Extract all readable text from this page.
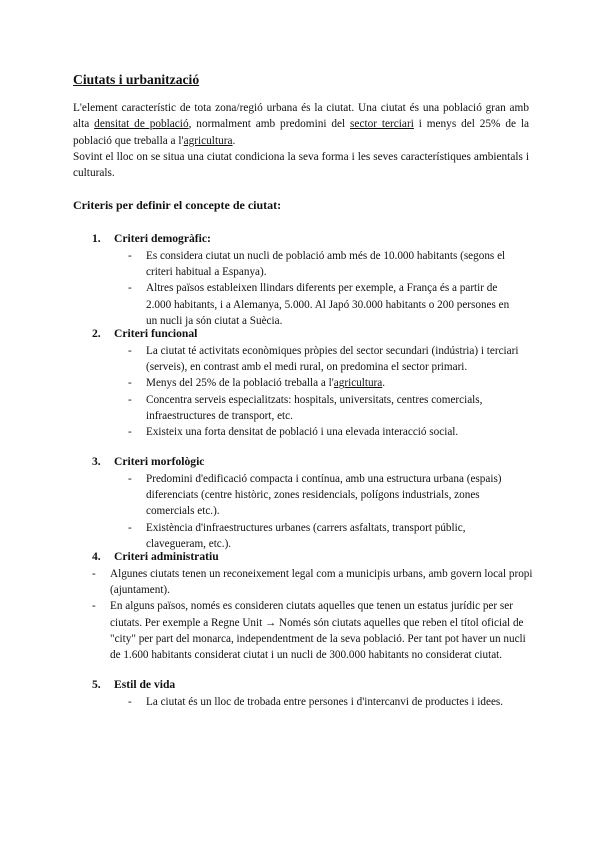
Ciutats i urbanització

L'element característic de tota zona/regió urbana és la ciutat. Una ciutat és una població gran amb alta densitat de població, normalment amb predomini del sector terciari i menys del 25% de la població que treballa a l'agricultura.

Sovint el lloc on se situa una ciutat condiciona la seva forma i les seves característiques ambientals i culturals.

Criteris per definir el concepte de ciutat:
1. Criteri demogràfic:
- Es considera ciutat un nucli de població amb més de 10.000 habitants (segons el criteri habitual a Espanya).
- Altres països estableixen llindars diferents per exemple, a França és a partir de 2.000 habitants, i a Alemanya, 5.000. Al Japó 30.000 habitants o 200 persones en un nucli ja són ciutat a Suècia.
2. Criteri funcional
- La ciutat té activitats econòmiques pròpies del sector secundari (indústria) i terciari (serveis), en contrast amb el medi rural, on predomina el sector primari.
- Menys del 25% de la població treballa a l'agricultura.
- Concentra serveis especialitzats: hospitals, universitats, centres comercials, infraestructures de transport, etc.
- Existeix una forta densitat de població i una elevada interacció social.
3. Criteri morfològic
- Predomini d'edificació compacta i contínua, amb una estructura urbana (espais) diferenciats (centre històric, zones residencials, polígons industrials, zones comercials etc.).
- Existència d'infraestructures urbanes (carrers asfaltats, transport públic, clavegueram, etc.).
4. Criteri administratiu
- Algunes ciutats tenen un reconeixement legal com a municipis urbans, amb govern local propi (ajuntament).
- En alguns països, només es consideren ciutats aquelles que tenen un estatus jurídic per ser ciutats. Per exemple a Regne Unit → Només són ciutats aquelles que reben el títol oficial de "city" per part del monarca, independentment de la seva població. Per tant pot haver un nucli de 1.600 habitants considerat ciutat i un nucli de 300.000 habitants no considerat ciutat.
5. Estil de vida
- La ciutat és un lloc de trobada entre persones i d'intercanvi de productes i idees.
